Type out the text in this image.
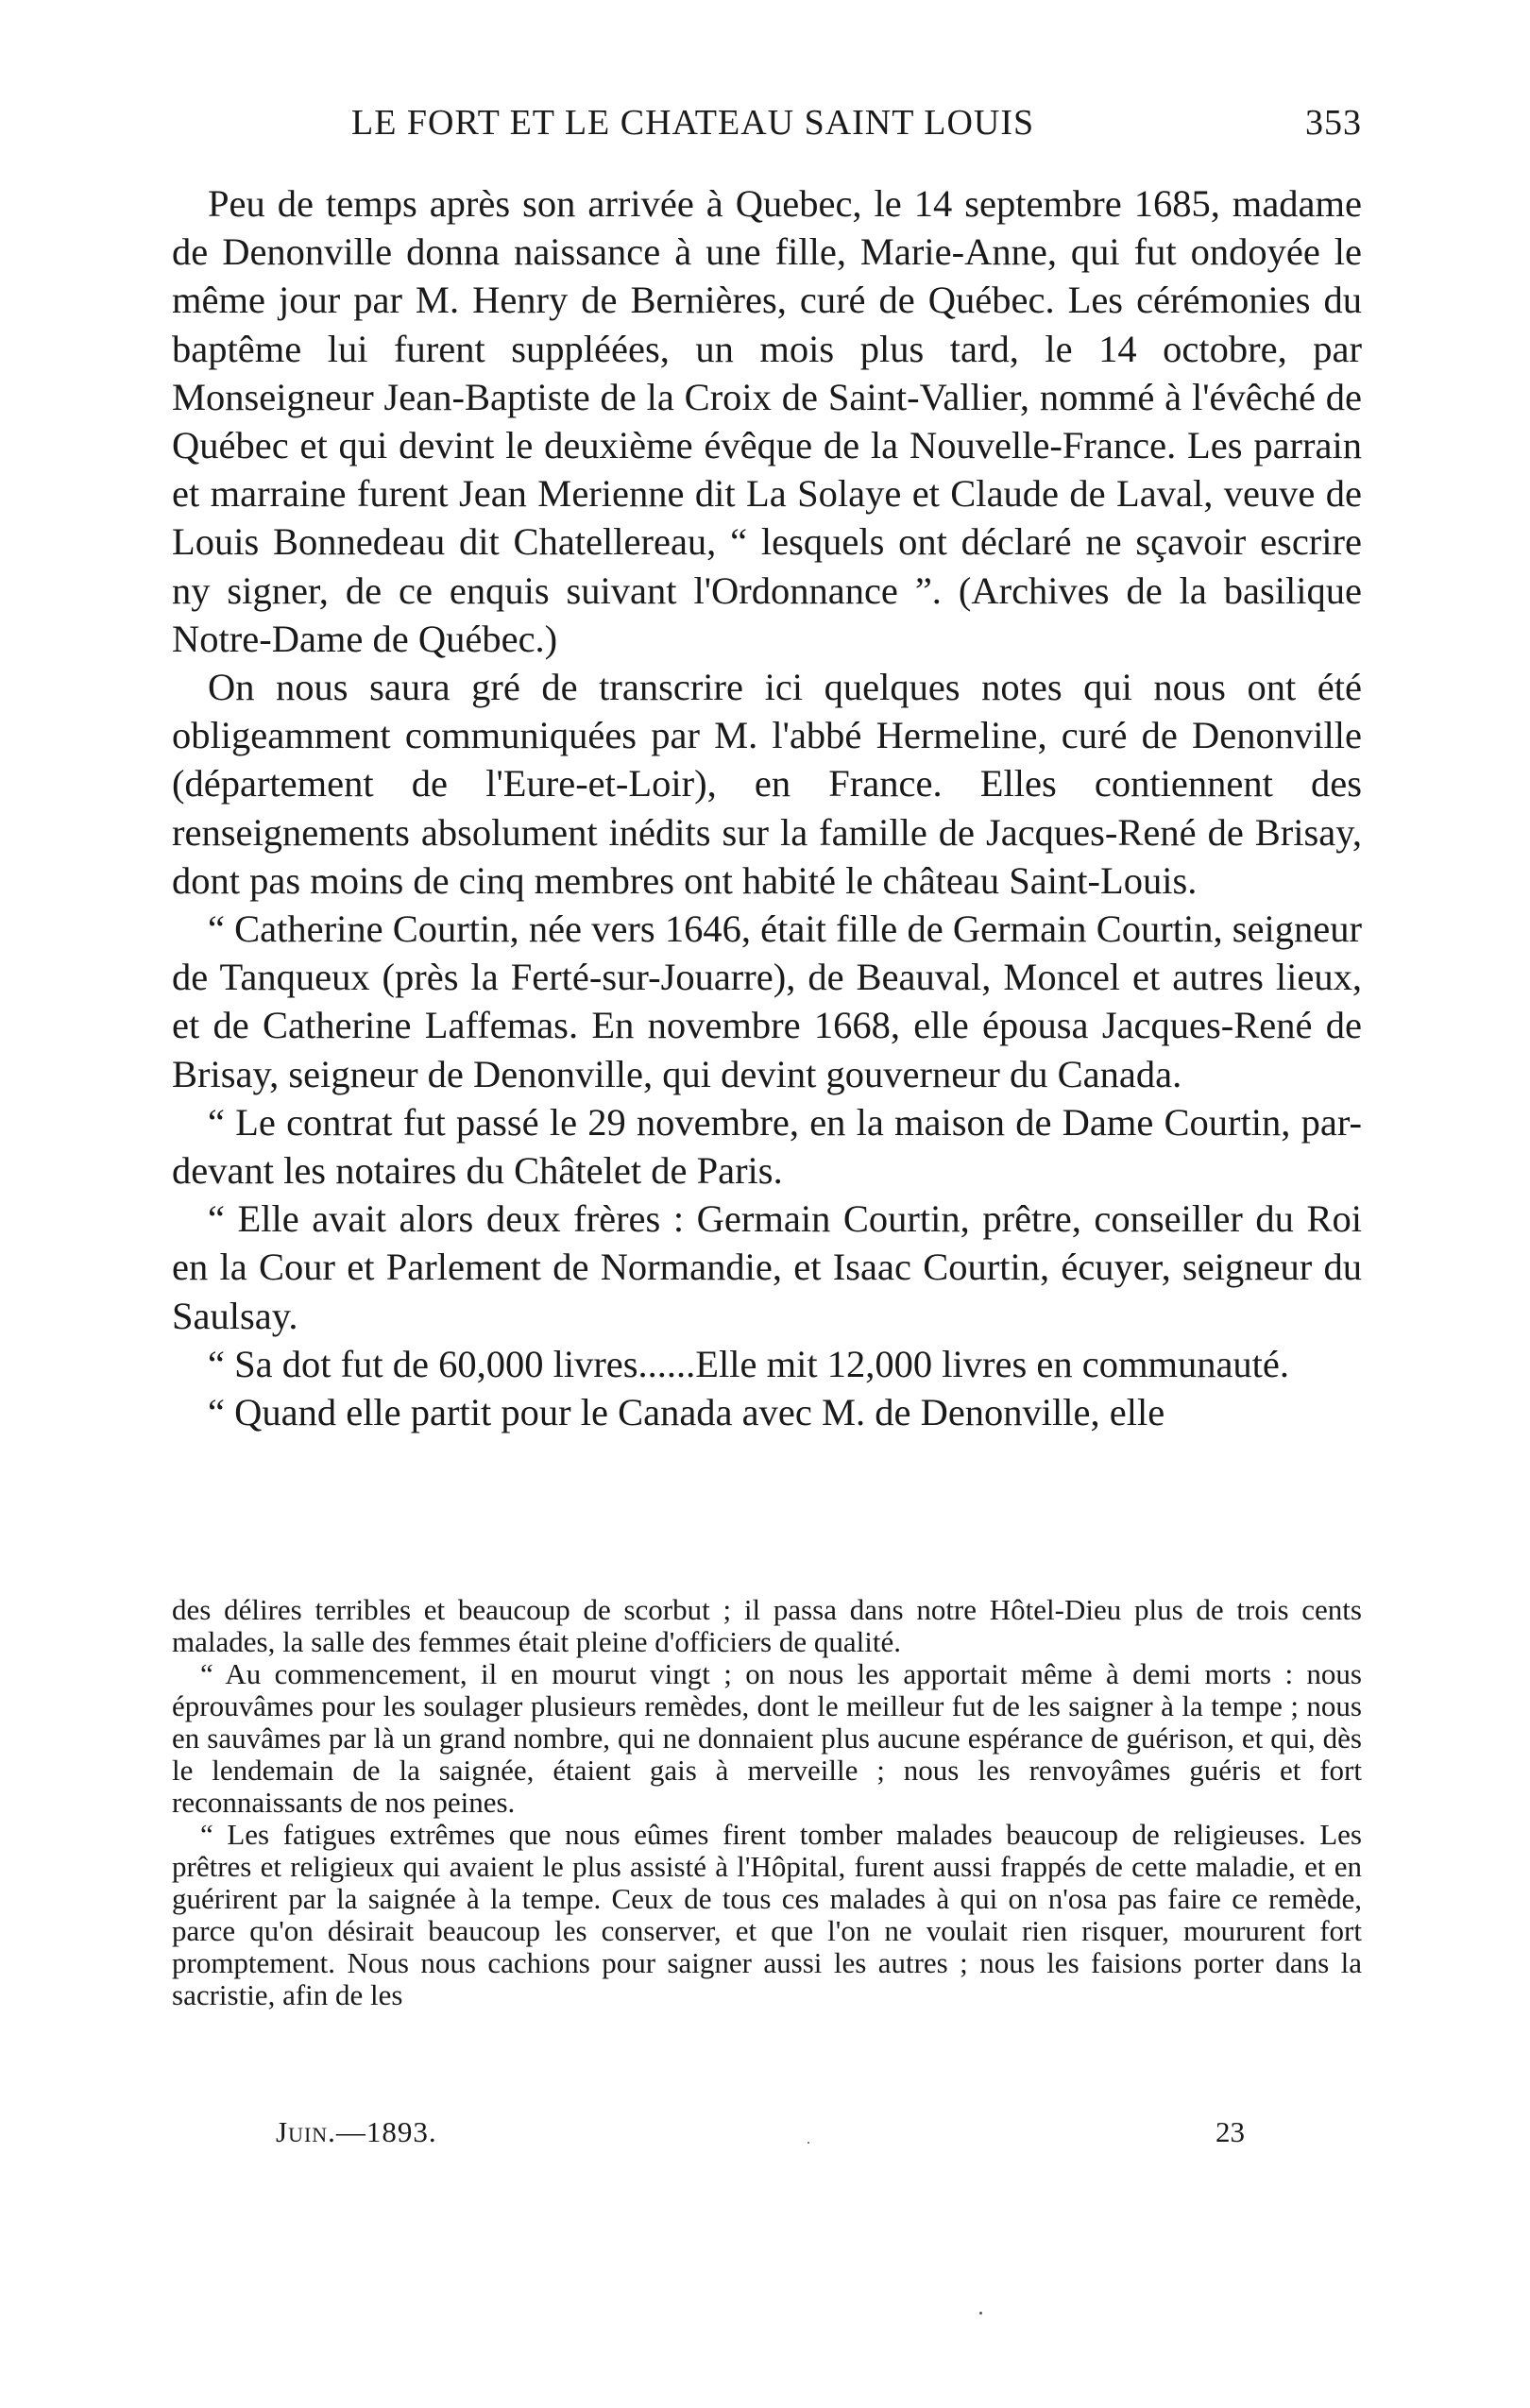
LE FORT ET LE CHATEAU SAINT LOUIS	353

Peu de temps après son arrivée à Quebec, le 14 septembre 1685, madame de Denonville donna naissance à une fille, Marie-Anne, qui fut ondoyée le même jour par M. Henry de Bernières, curé de Québec. Les cérémonies du baptême lui furent suppléées, un mois plus tard, le 14 octobre, par Monseigneur Jean-Baptiste de la Croix de Saint-Vallier, nommé à l'évêché de Québec et qui devint le deuxième évêque de la Nouvelle-France. Les parrain et marraine furent Jean Merienne dit La Solaye et Claude de Laval, veuve de Louis Bonnedeau dit Chatellereau, “ lesquels ont déclaré ne sçavoir escrire ny signer, de ce enquis suivant l'Ordonnance ”. (Archives de la basilique Notre-Dame de Québec.)

On nous saura gré de transcrire ici quelques notes qui nous ont été obligeamment communiquées par M. l'abbé Hermeline, curé de Denonville (département de l'Eure-et-Loir), en France. Elles contiennent des renseignements absolument inédits sur la famille de Jacques-René de Brisay, dont pas moins de cinq membres ont habité le château Saint-Louis.

“ Catherine Courtin, née vers 1646, était fille de Germain Courtin, seigneur de Tanqueux (près la Ferté-sur-Jouarre), de Beauval, Moncel et autres lieux, et de Catherine Laffemas. En novembre 1668, elle épousa Jacques-René de Brisay, seigneur de Denonville, qui devint gouverneur du Canada.

“ Le contrat fut passé le 29 novembre, en la maison de Dame Courtin, par-devant les notaires du Châtelet de Paris.

“ Elle avait alors deux frères : Germain Courtin, prêtre, conseiller du Roi en la Cour et Parlement de Normandie, et Isaac Courtin, écuyer, seigneur du Saulsay.

“ Sa dot fut de 60,000 livres......Elle mit 12,000 livres en communauté.

“ Quand elle partit pour le Canada avec M. de Denonville, elle

des délires terribles et beaucoup de scorbut ; il passa dans notre Hôtel-Dieu plus de trois cents malades, la salle des femmes était pleine d'officiers de qualité.

“ Au commencement, il en mourut vingt ; on nous les apportait même à demi morts : nous éprouvâmes pour les soulager plusieurs remèdes, dont le meilleur fut de les saigner à la tempe ; nous en sauvâmes par là un grand nombre, qui ne donnaient plus aucune espérance de guérison, et qui, dès le lendemain de la saignée, étaient gais à merveille ; nous les renvoyâmes guéris et fort reconnaissants de nos peines.

“ Les fatigues extrêmes que nous eûmes firent tomber malades beaucoup de religieuses. Les prêtres et religieux qui avaient le plus assisté à l'Hôpital, furent aussi frappés de cette maladie, et en guérirent par la saignée à la tempe. Ceux de tous ces malades à qui on n'osa pas faire ce remède, parce qu'on désirait beaucoup les conserver, et que l'on ne voulait rien risquer, moururent fort promptement. Nous nous cachions pour saigner aussi les autres ; nous les faisions porter dans la sacristie, afin de les

Juin.—1893.	23
